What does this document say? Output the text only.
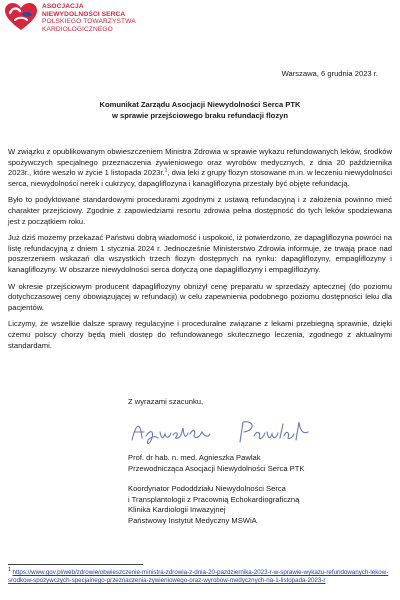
ASOCJACJA
NIEWYDOLNOŚCI SERCA
POLSKIEGO TOWARZYSTWA
KARDIOLOGICZNEGO
Warszawa, 6 grudnia 2023 r.
Komunikat Zarządu Asocjacji Niewydolności Serca PTK
w sprawie przejściowego braku refundacji flozyn

W związku z opublikowanym obwieszczeniem Ministra Zdrowia w sprawie wykazu refundowanych leków, środków spożywczych specjalnego przeznaczenia żywieniowego oraz wyrobów medycznych, z dnia 20 października 2023r., które weszło w życie 1 listopada 2023r.$^1$, dwa leki z grupy flozyn stosowane m.in. w leczeniu niewydolności serca, niewydolności nerek i cukrzycy, dapagliflozyna i kanagliflozyna przestały być objęte refundacją.

Było to podyktowane standardowymi procedurami zgodnymi z ustawą refundacyjną i z założenia powinno mieć charakter przejściowy. Zgodnie z zapowiedziami resortu zdrowia pełna dostępność do tych leków spodziewana jest z początkiem roku.

Już dziś możemy przekazać Państwu dobrą wiadomość i uspokoić, iż potwierdzono, że dapagliflozyna powróci na listę refundacyjną z dniem 1 stycznia 2024 r. Jednocześnie Ministerstwo Zdrowia informuje, że trwają prace nad poszerzeniem wskazań dla wszystkich trzech flozyn dostępnych na rynku: dapagliflozyny, empagliflozyny i kanagliflozyny. W obszarze niewydolności serca dotyczą one dapagliflozyny i empagliflozyny.

W okresie przejściowym producent dapagliflozyny obniżył cenę preparatu w sprzedaży aptecznej (do poziomu dotychczasowej ceny obowiązującej w refundacji) w celu zapewnienia podobnego poziomu dostępności leku dla pacjentów.

Liczymy, że wszelkie dalsze sprawy regulacyjne i proceduralne związane z lekami przebiegną sprawnie, dzięki czemu polscy chorzy będą mieli dostęp do refundowanego skutecznego leczenia, zgodnego z aktualnymi standardami.

Z wyrazami szacunku,
Prof. dr hab. n. med. Agnieszka Pawlak
Przewodnicząca Asocjacji Niewydolności Serca PTK
Koordynator Pododdziału Niewydolności Serca
i Transplantologii z Pracownią Echokardiograficzną
Klinika Kardiologii Inwazyjnej
Państwowy Instytut Medyczny MSWiA
$^1$ https://www.gov.pl/web/zdrowie/obwieszczenie-ministra-zdrowia-z-dnia-20-pazdziernika-2023-r-w-sprawie-wykazu-refundowanych-lekow-srodkow-spozywczych-specjalnego-przeznaczenia-zywieniowego-oraz-wyrobow-medycznych-na-1-listopada-2023-r
